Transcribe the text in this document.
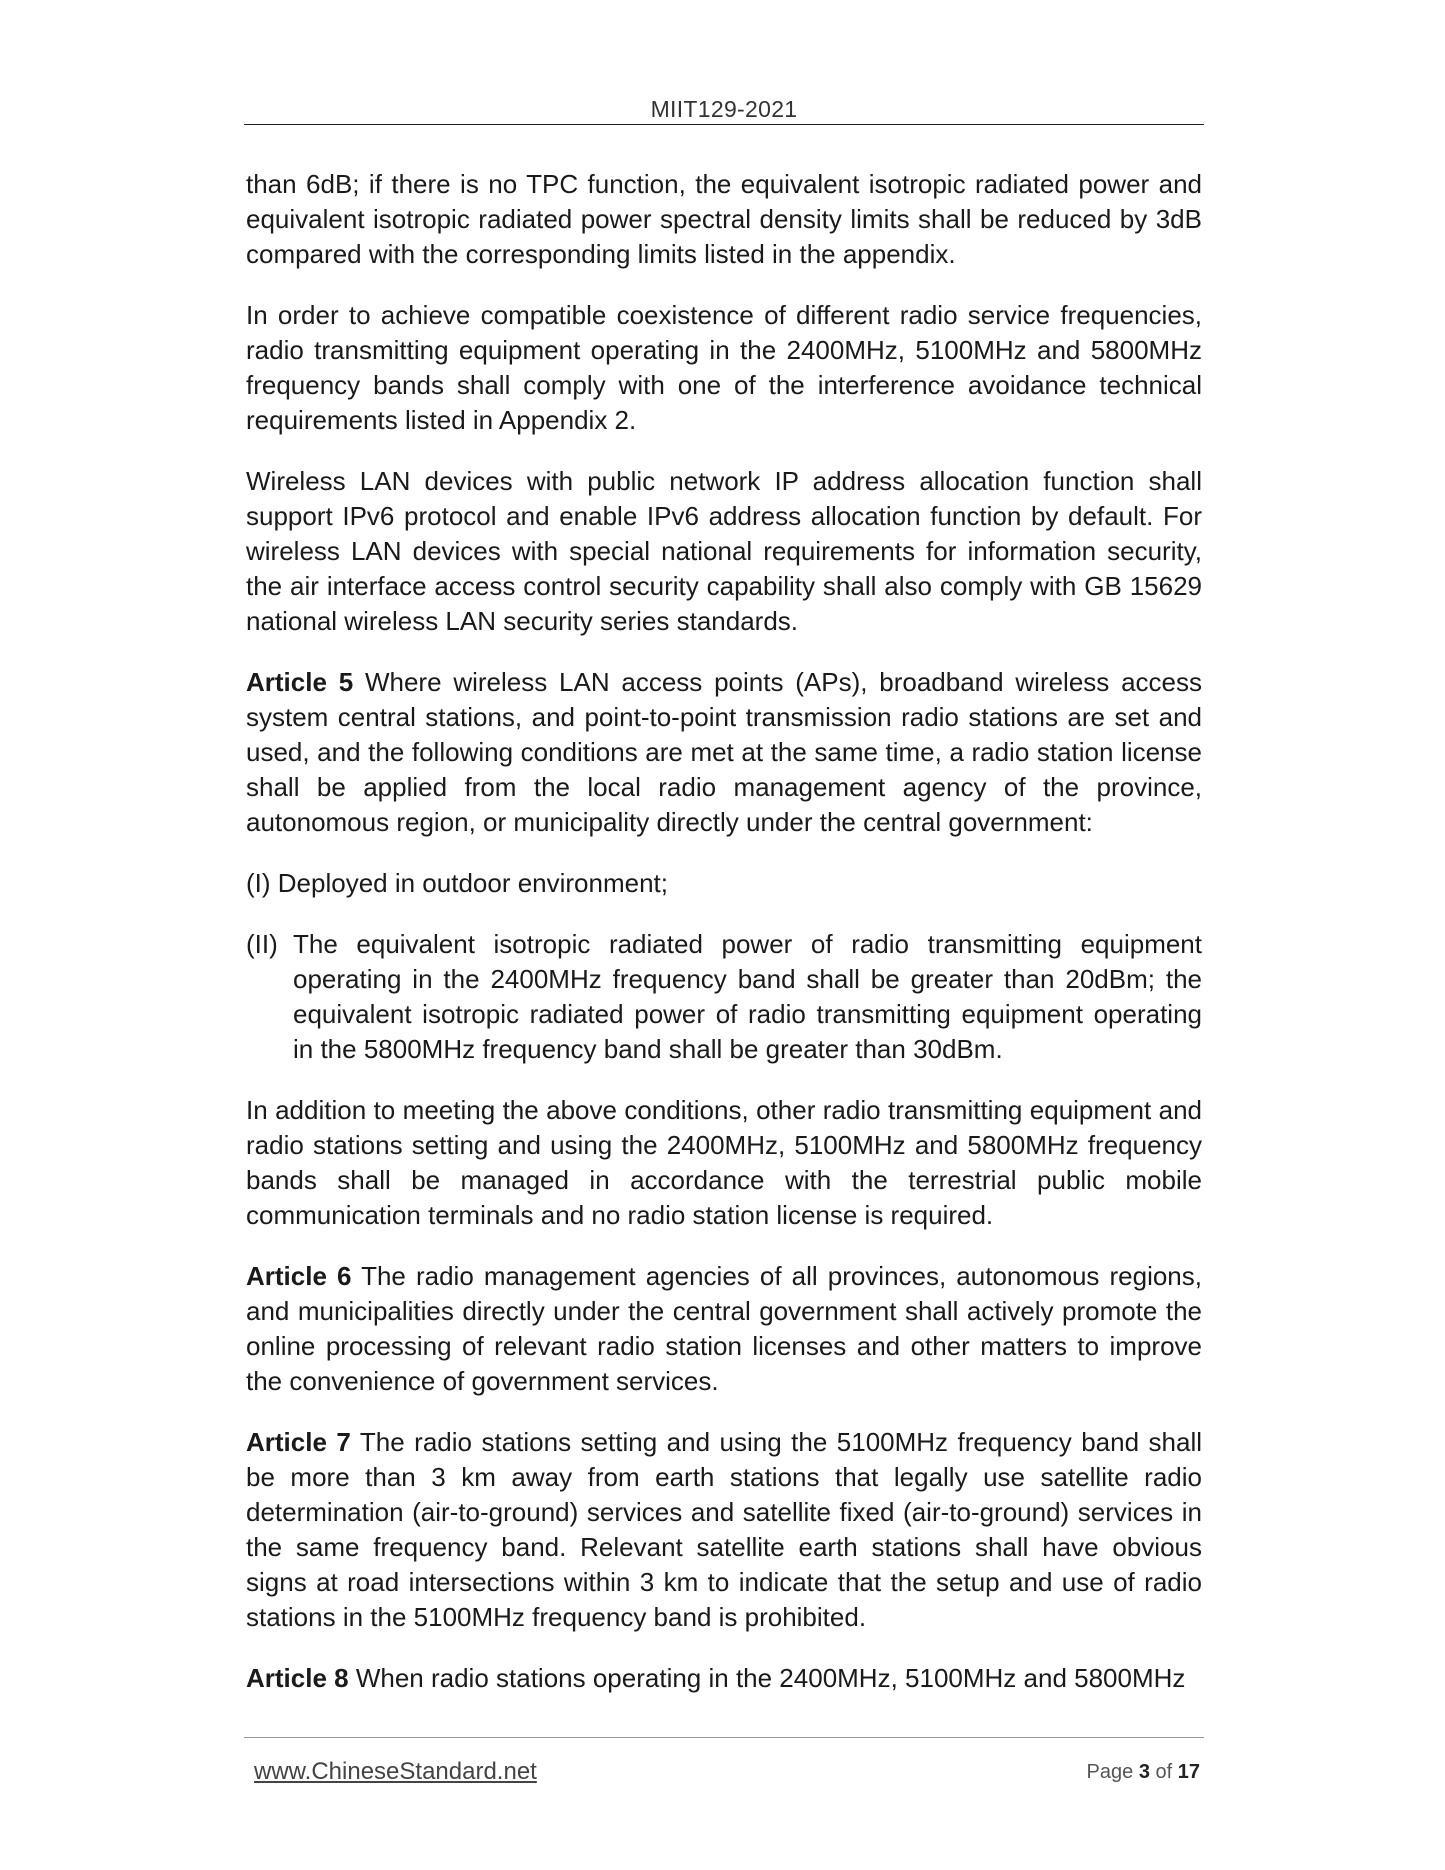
MIIT129-2021

than 6dB; if there is no TPC function, the equivalent isotropic radiated power and equivalent isotropic radiated power spectral density limits shall be reduced by 3dB compared with the corresponding limits listed in the appendix.

In order to achieve compatible coexistence of different radio service frequencies, radio transmitting equipment operating in the 2400MHz, 5100MHz and 5800MHz frequency bands shall comply with one of the interference avoidance technical requirements listed in Appendix 2.

Wireless LAN devices with public network IP address allocation function shall support IPv6 protocol and enable IPv6 address allocation function by default. For wireless LAN devices with special national requirements for information security, the air interface access control security capability shall also comply with GB 15629 national wireless LAN security series standards.

Article 5 Where wireless LAN access points (APs), broadband wireless access system central stations, and point-to-point transmission radio stations are set and used, and the following conditions are met at the same time, a radio station license shall be applied from the local radio management agency of the province, autonomous region, or municipality directly under the central government:

(I) Deployed in outdoor environment;

(II) The equivalent isotropic radiated power of radio transmitting equipment operating in the 2400MHz frequency band shall be greater than 20dBm; the equivalent isotropic radiated power of radio transmitting equipment operating in the 5800MHz frequency band shall be greater than 30dBm.

In addition to meeting the above conditions, other radio transmitting equipment and radio stations setting and using the 2400MHz, 5100MHz and 5800MHz frequency bands shall be managed in accordance with the terrestrial public mobile communication terminals and no radio station license is required.

Article 6 The radio management agencies of all provinces, autonomous regions, and municipalities directly under the central government shall actively promote the online processing of relevant radio station licenses and other matters to improve the convenience of government services.

Article 7 The radio stations setting and using the 5100MHz frequency band shall be more than 3 km away from earth stations that legally use satellite radio determination (air-to-ground) services and satellite fixed (air-to-ground) services in the same frequency band. Relevant satellite earth stations shall have obvious signs at road intersections within 3 km to indicate that the setup and use of radio stations in the 5100MHz frequency band is prohibited.

Article 8 When radio stations operating in the 2400MHz, 5100MHz and 5800MHz

www.ChineseStandard.net	Page 3 of 17
